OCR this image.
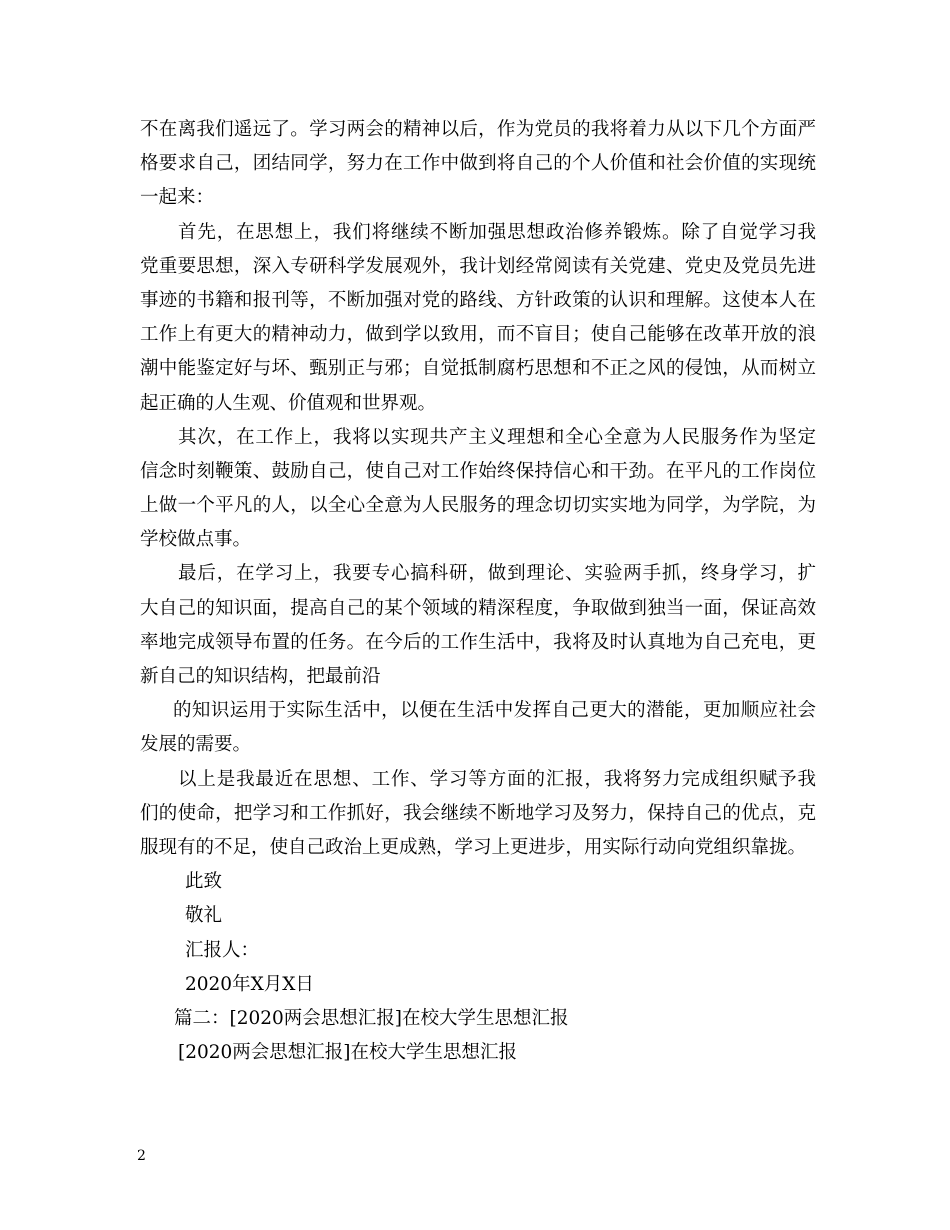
不在离我们遥远了。学习两会的精神以后，作为党员的我将着力从以下几个方面严
格要求自己，团结同学，努力在工作中做到将自己的个人价值和社会价值的实现统
一起来：
首先，在思想上，我们将继续不断加强思想政治修养锻炼。除了自觉学习我
党重要思想，深入专研科学发展观外，我计划经常阅读有关党建、党史及党员先进
事迹的书籍和报刊等，不断加强对党的路线、方针政策的认识和理解。这使本人在
工作上有更大的精神动力，做到学以致用，而不盲目；使自己能够在改革开放的浪
潮中能鉴定好与坏、甄别正与邪；自觉抵制腐朽思想和不正之风的侵蚀，从而树立
起正确的人生观、价值观和世界观。
其次，在工作上，我将以实现共产主义理想和全心全意为人民服务作为坚定
信念时刻鞭策、鼓励自己，使自己对工作始终保持信心和干劲。在平凡的工作岗位
上做一个平凡的人，以全心全意为人民服务的理念切切实实地为同学，为学院，为
学校做点事。
最后，在学习上，我要专心搞科研，做到理论、实验两手抓，终身学习，扩
大自己的知识面，提高自己的某个领域的精深程度，争取做到独当一面，保证高效
率地完成领导布置的任务。在今后的工作生活中，我将及时认真地为自己充电，更
新自己的知识结构，把最前沿
的知识运用于实际生活中，以便在生活中发挥自己更大的潜能，更加顺应社会
发展的需要。
以上是我最近在思想、工作、学习等方面的汇报，我将努力完成组织赋予我
们的使命，把学习和工作抓好，我会继续不断地学习及努力，保持自己的优点，克
服现有的不足，使自己政治上更成熟，学习上更进步，用实际行动向党组织靠拢。
此致
敬礼
汇报人：
2020年X月X日
篇二：[2020两会思想汇报]在校大学生思想汇报
[2020两会思想汇报]在校大学生思想汇报
2
